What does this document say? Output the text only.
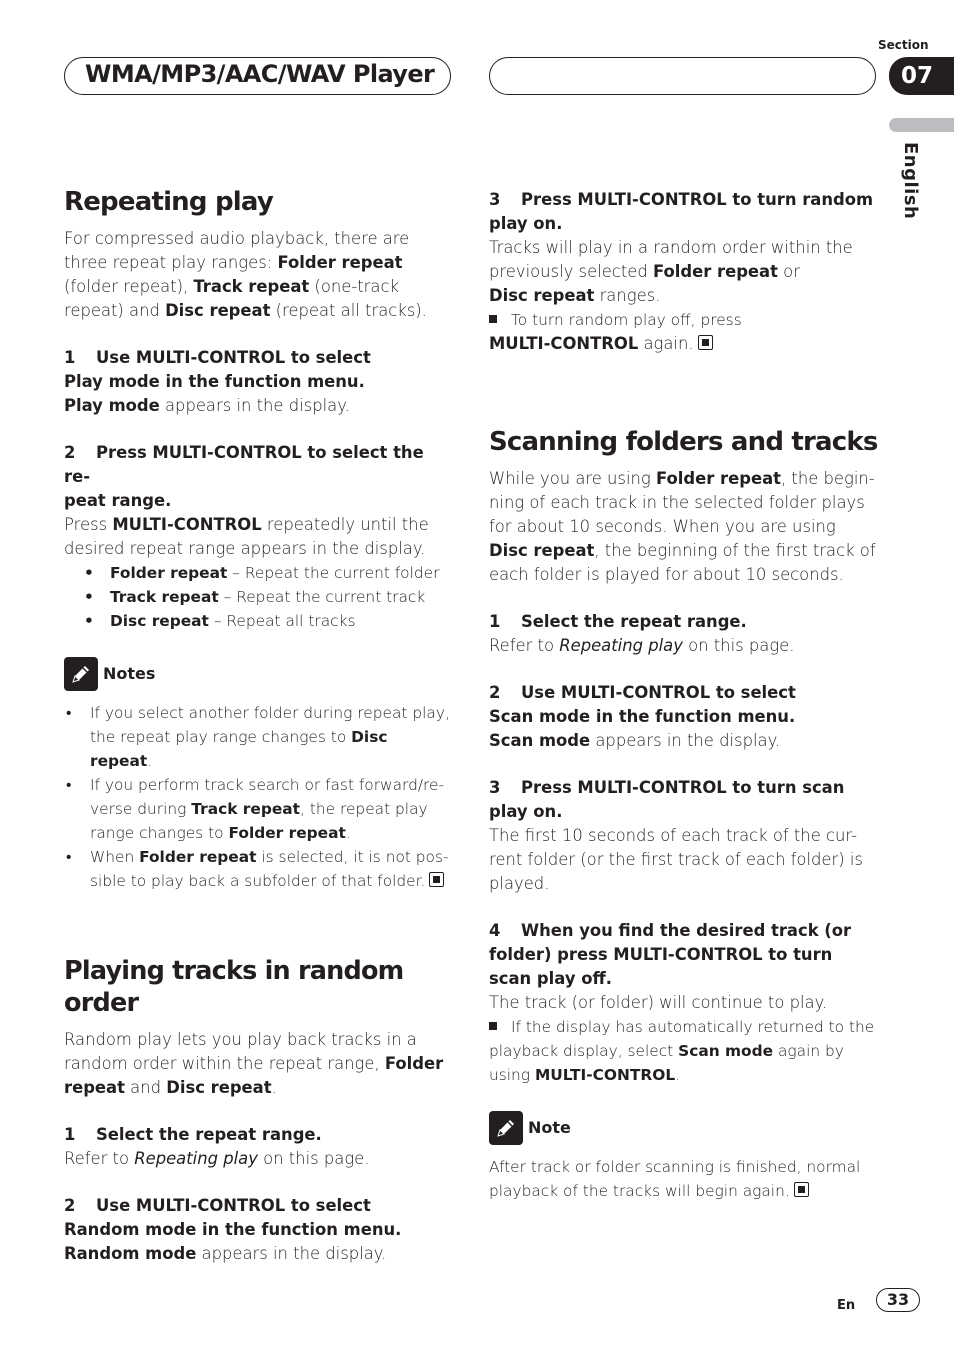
WMA/MP3/AAC/WAV Player
Section
07
English
Repeating play

For compressed audio playback, there are three repeat play ranges: Folder repeat (folder repeat), Track repeat (one-track repeat) and Disc repeat (repeat all tracks).

1 Use MULTI-CONTROL to select
Play mode in the function menu.

Play mode appears in the display.

2 Press MULTI-CONTROL to select the re-
peat range.

Press MULTI-CONTROL repeatedly until the desired repeat range appears in the display.

• Folder repeat – Repeat the current folder

• Track repeat – Repeat the current track

• Disc repeat – Repeat all tracks

Notes

• If you select another folder during repeat play, the repeat play range changes to Disc repeat.

• If you perform track search or fast forward/re-verse during Track repeat, the repeat play range changes to Folder repeat.

• When Folder repeat is selected, it is not pos-sible to play back a subfolder of that folder.

Playing tracks in random order

Random play lets you play back tracks in a random order within the repeat range, Folder repeat and Disc repeat.

1 Select the repeat range.

Refer to Repeating play on this page.

2 Use MULTI-CONTROL to select
Random mode in the function menu.

Random mode appears in the display.

3 Press MULTI-CONTROL to turn random
play on.

Tracks will play in a random order within the previously selected Folder repeat or
Disc repeat ranges.

To turn random play off, press
MULTI-CONTROL again.

Scanning folders and tracks

While you are using Folder repeat, the begin-ning of each track in the selected folder plays for about 10 seconds. When you are using Disc repeat, the beginning of the first track of each folder is played for about 10 seconds.

1 Select the repeat range.

Refer to Repeating play on this page.

2 Use MULTI-CONTROL to select
Scan mode in the function menu.

Scan mode appears in the display.

3 Press MULTI-CONTROL to turn scan play on.

The first 10 seconds of each track of the cur-rent folder (or the first track of each folder) is played.

4 When you find the desired track (or folder) press MULTI-CONTROL to turn scan play off.

The track (or folder) will continue to play.

If the display has automatically returned to the playback display, select Scan mode again by using MULTI-CONTROL.

Note

After track or folder scanning is finished, normal playback of the tracks will begin again.

En	33
